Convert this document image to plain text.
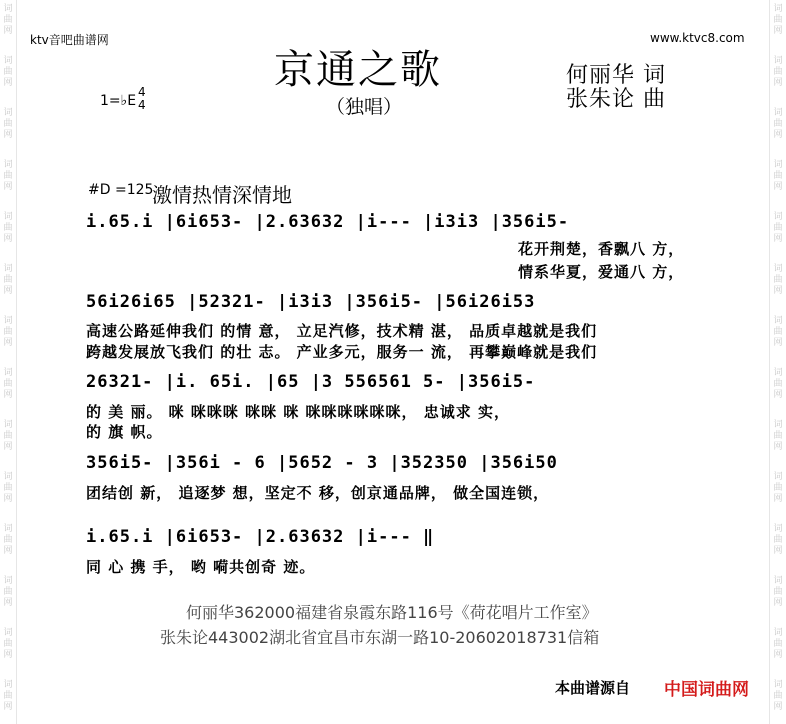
词
曲
网
词
曲
网
词
曲
网
词
曲
网
词
曲
网
词
曲
网
词
曲
网
词
曲
网
词
曲
网
词
曲
网
词
曲
网
词
曲
网
词
曲
网
词
曲
网
词
曲
网
词
曲
网
词
曲
网
词
曲
网
词
曲
网
词
曲
网
词
曲
网
词
曲
网
词
曲
网
词
曲
网
词
曲
网
词
曲
网
词
曲
网
词
曲
网
ktv音吧曲谱网	www.ktvc8.com
京通之歌
（独唱）
何丽华 词
张朱论 曲
1=♭E
4
4
#D =125
激情热情深情地
i.65.i |6i653- |2.63632 |i--- |i3i3 |356i5-
花开荆楚，香飘八 方，
情系华夏，爱通八 方，
56i26i65 |52321- |i3i3 |356i5- |56i26i53
高速公路延伸我们 的情 意， 立足汽修，技术精 湛， 品质卓越就是我们
跨越发展放飞我们 的壮 志。 产业多元，服务一 流， 再攀巅峰就是我们
26321- |i. 65i. |65 |3 556561 5- |356i5-
的 美 丽。 咪 咪咪咪 咪咪 咪 咪咪咪咪咪咪， 忠诚求 实，
的 旗 帜。
356i5- |356i - 6 |5652 - 3 |352350 |356i50
团结创 新， 追逐梦 想，坚定不 移，创京通品牌， 做全国连锁，
i.65.i |6i653- |2.63632 |i--- ‖
同 心 携 手， 哟 嗬共创奇 迹。
何丽华362000福建省泉霞东路116号《荷花唱片工作室》
张朱论443002湖北省宜昌市东湖一路10-20602018731信箱
本曲谱源自 中国词曲网
